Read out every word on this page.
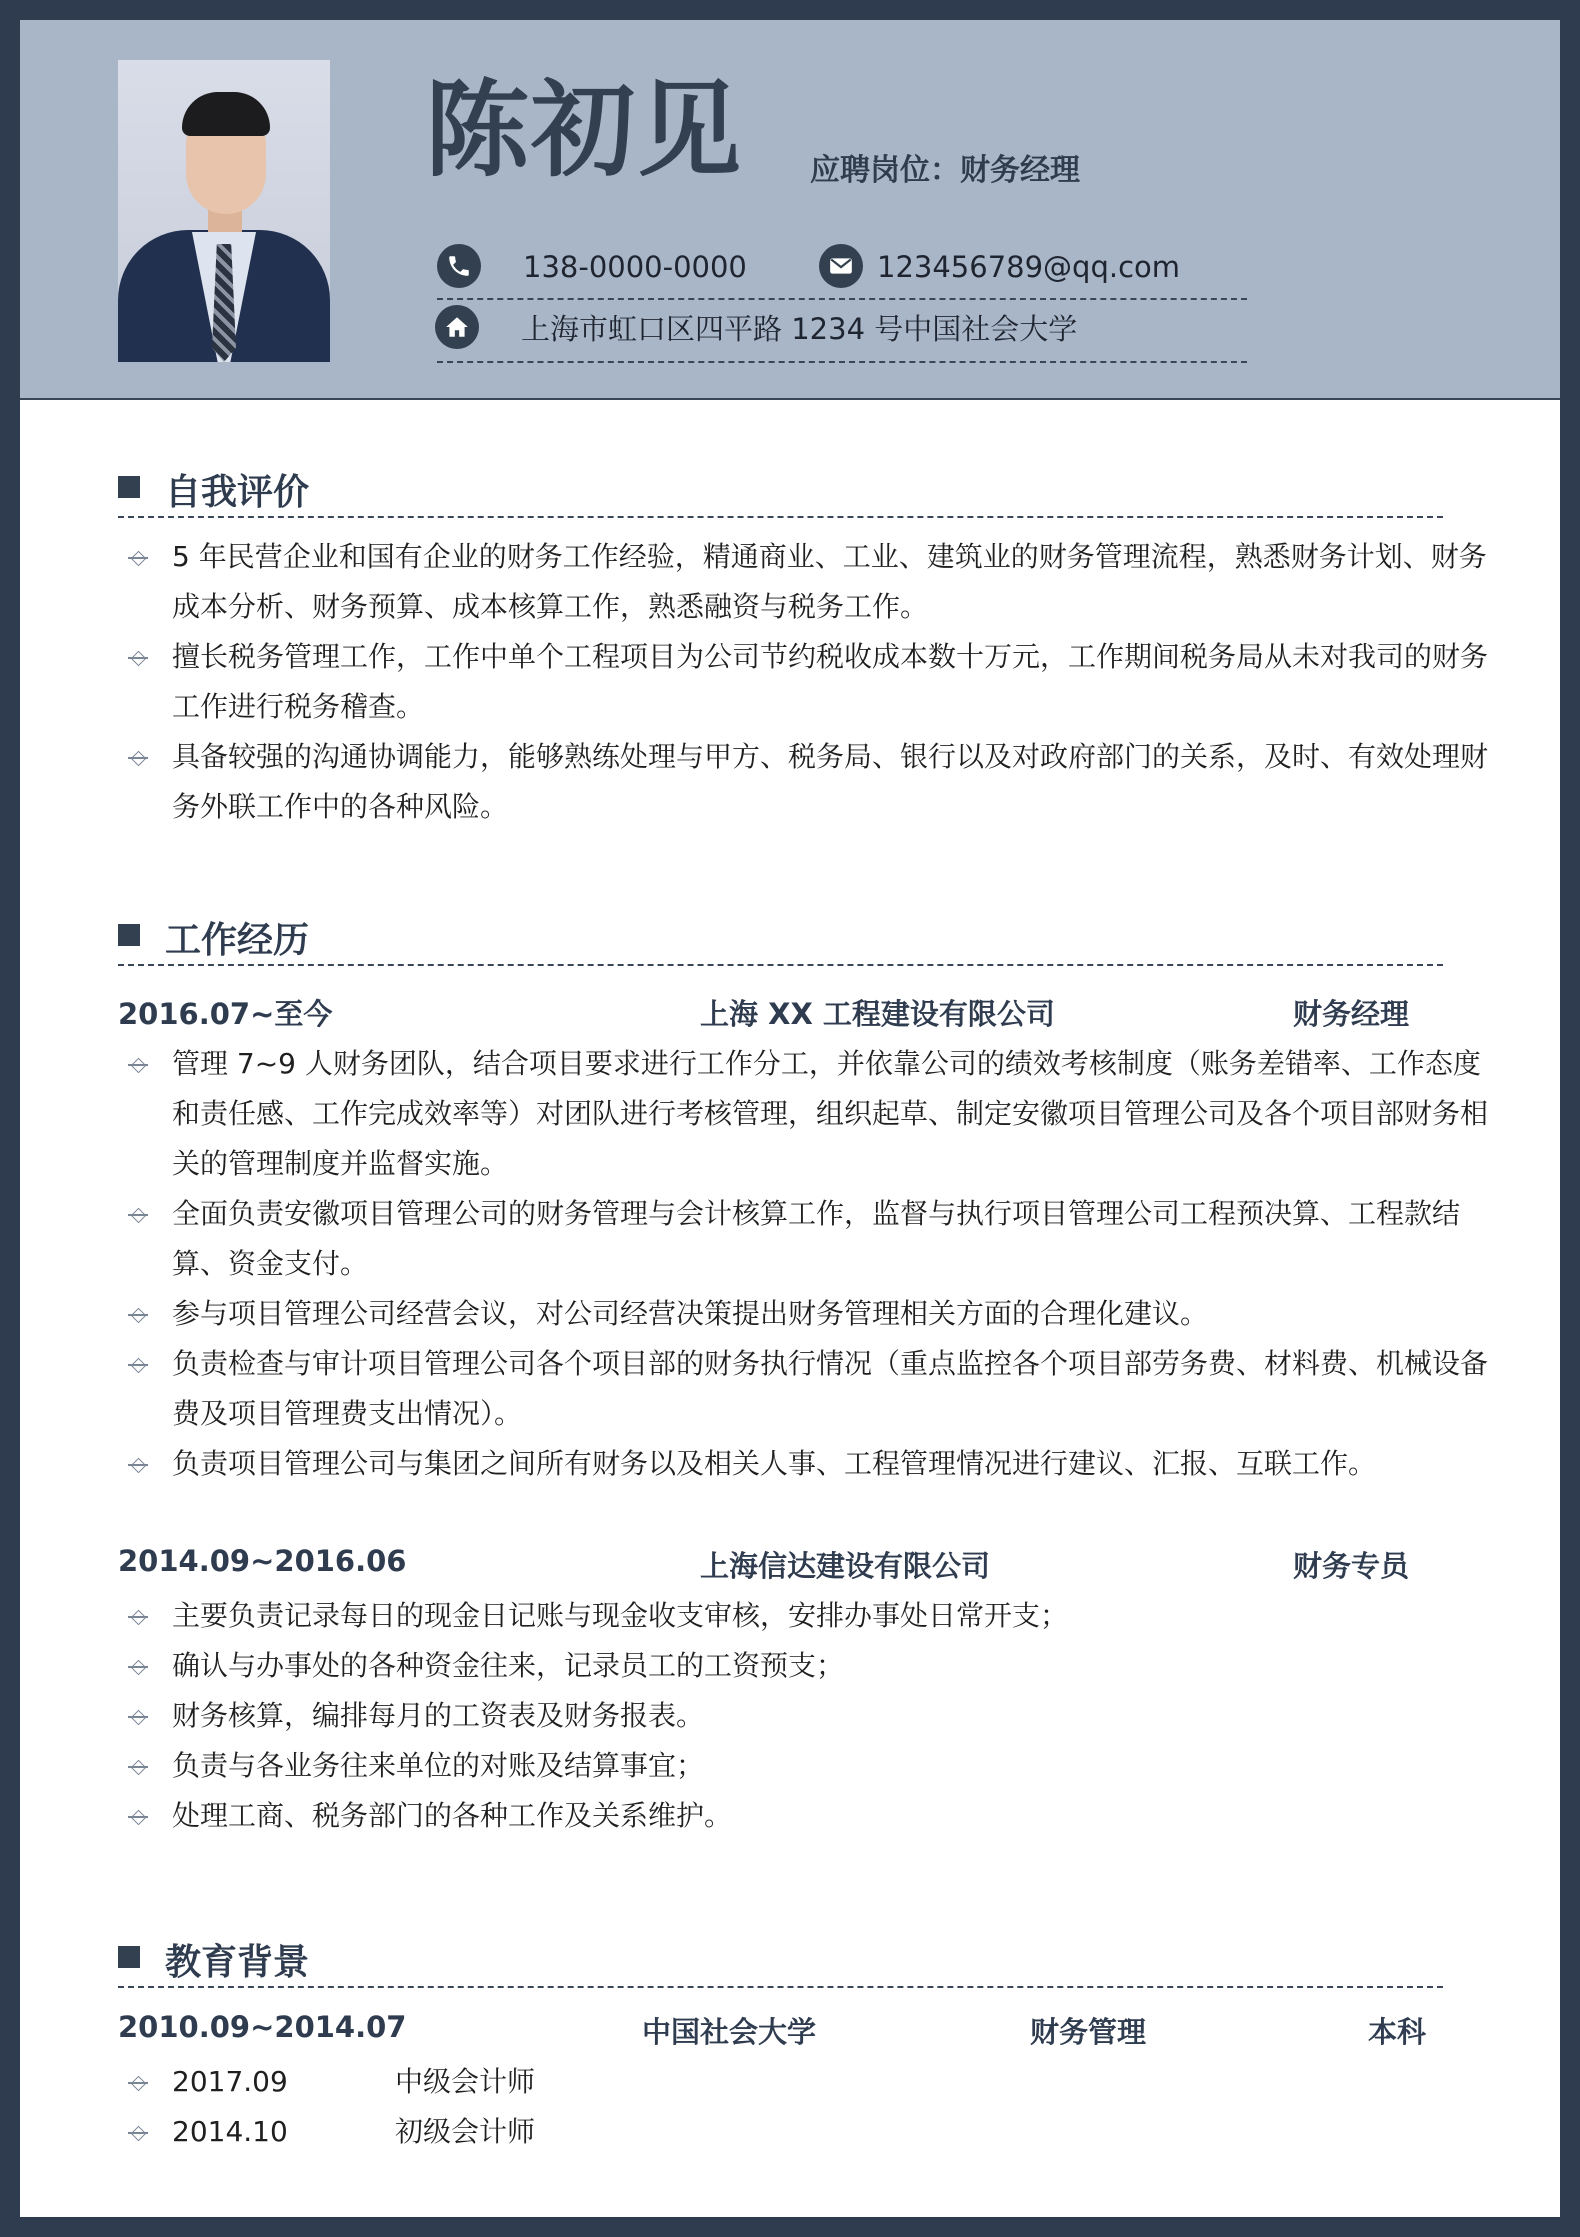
陈初见 应聘岗位：财务经理
138-0000-0000	123456789@qq.com
上海市虹口区四平路 1234 号中国社会大学
自我评价
5 年民营企业和国有企业的财务工作经验，精通商业、工业、建筑业的财务管理流程，熟悉财务计划、财务成本分析、财务预算、成本核算工作，熟悉融资与税务工作。
擅长税务管理工作，工作中单个工程项目为公司节约税收成本数十万元，工作期间税务局从未对我司的财务工作进行税务稽查。
具备较强的沟通协调能力，能够熟练处理与甲方、税务局、银行以及对政府部门的关系，及时、有效处理财务外联工作中的各种风险。
工作经历
2016.07~至今	上海 XX 工程建设有限公司	财务经理
管理 7~9 人财务团队，结合项目要求进行工作分工，并依靠公司的绩效考核制度（账务差错率、工作态度和责任感、工作完成效率等）对团队进行考核管理，组织起草、制定安徽项目管理公司及各个项目部财务相关的管理制度并监督实施。
全面负责安徽项目管理公司的财务管理与会计核算工作，监督与执行项目管理公司工程预决算、工程款结算、资金支付。
参与项目管理公司经营会议，对公司经营决策提出财务管理相关方面的合理化建议。
负责检查与审计项目管理公司各个项目部的财务执行情况（重点监控各个项目部劳务费、材料费、机械设备费及项目管理费支出情况）。
负责项目管理公司与集团之间所有财务以及相关人事、工程管理情况进行建议、汇报、互联工作。
2014.09~2016.06	上海信达建设有限公司	财务专员
主要负责记录每日的现金日记账与现金收支审核，安排办事处日常开支；
确认与办事处的各种资金往来，记录员工的工资预支；
财务核算，编排每月的工资表及财务报表。
负责与各业务往来单位的对账及结算事宜；
处理工商、税务部门的各种工作及关系维护。
教育背景
2010.09~2014.07	中国社会大学	财务管理	本科
2017.09	中级会计师
2014.10	初级会计师
